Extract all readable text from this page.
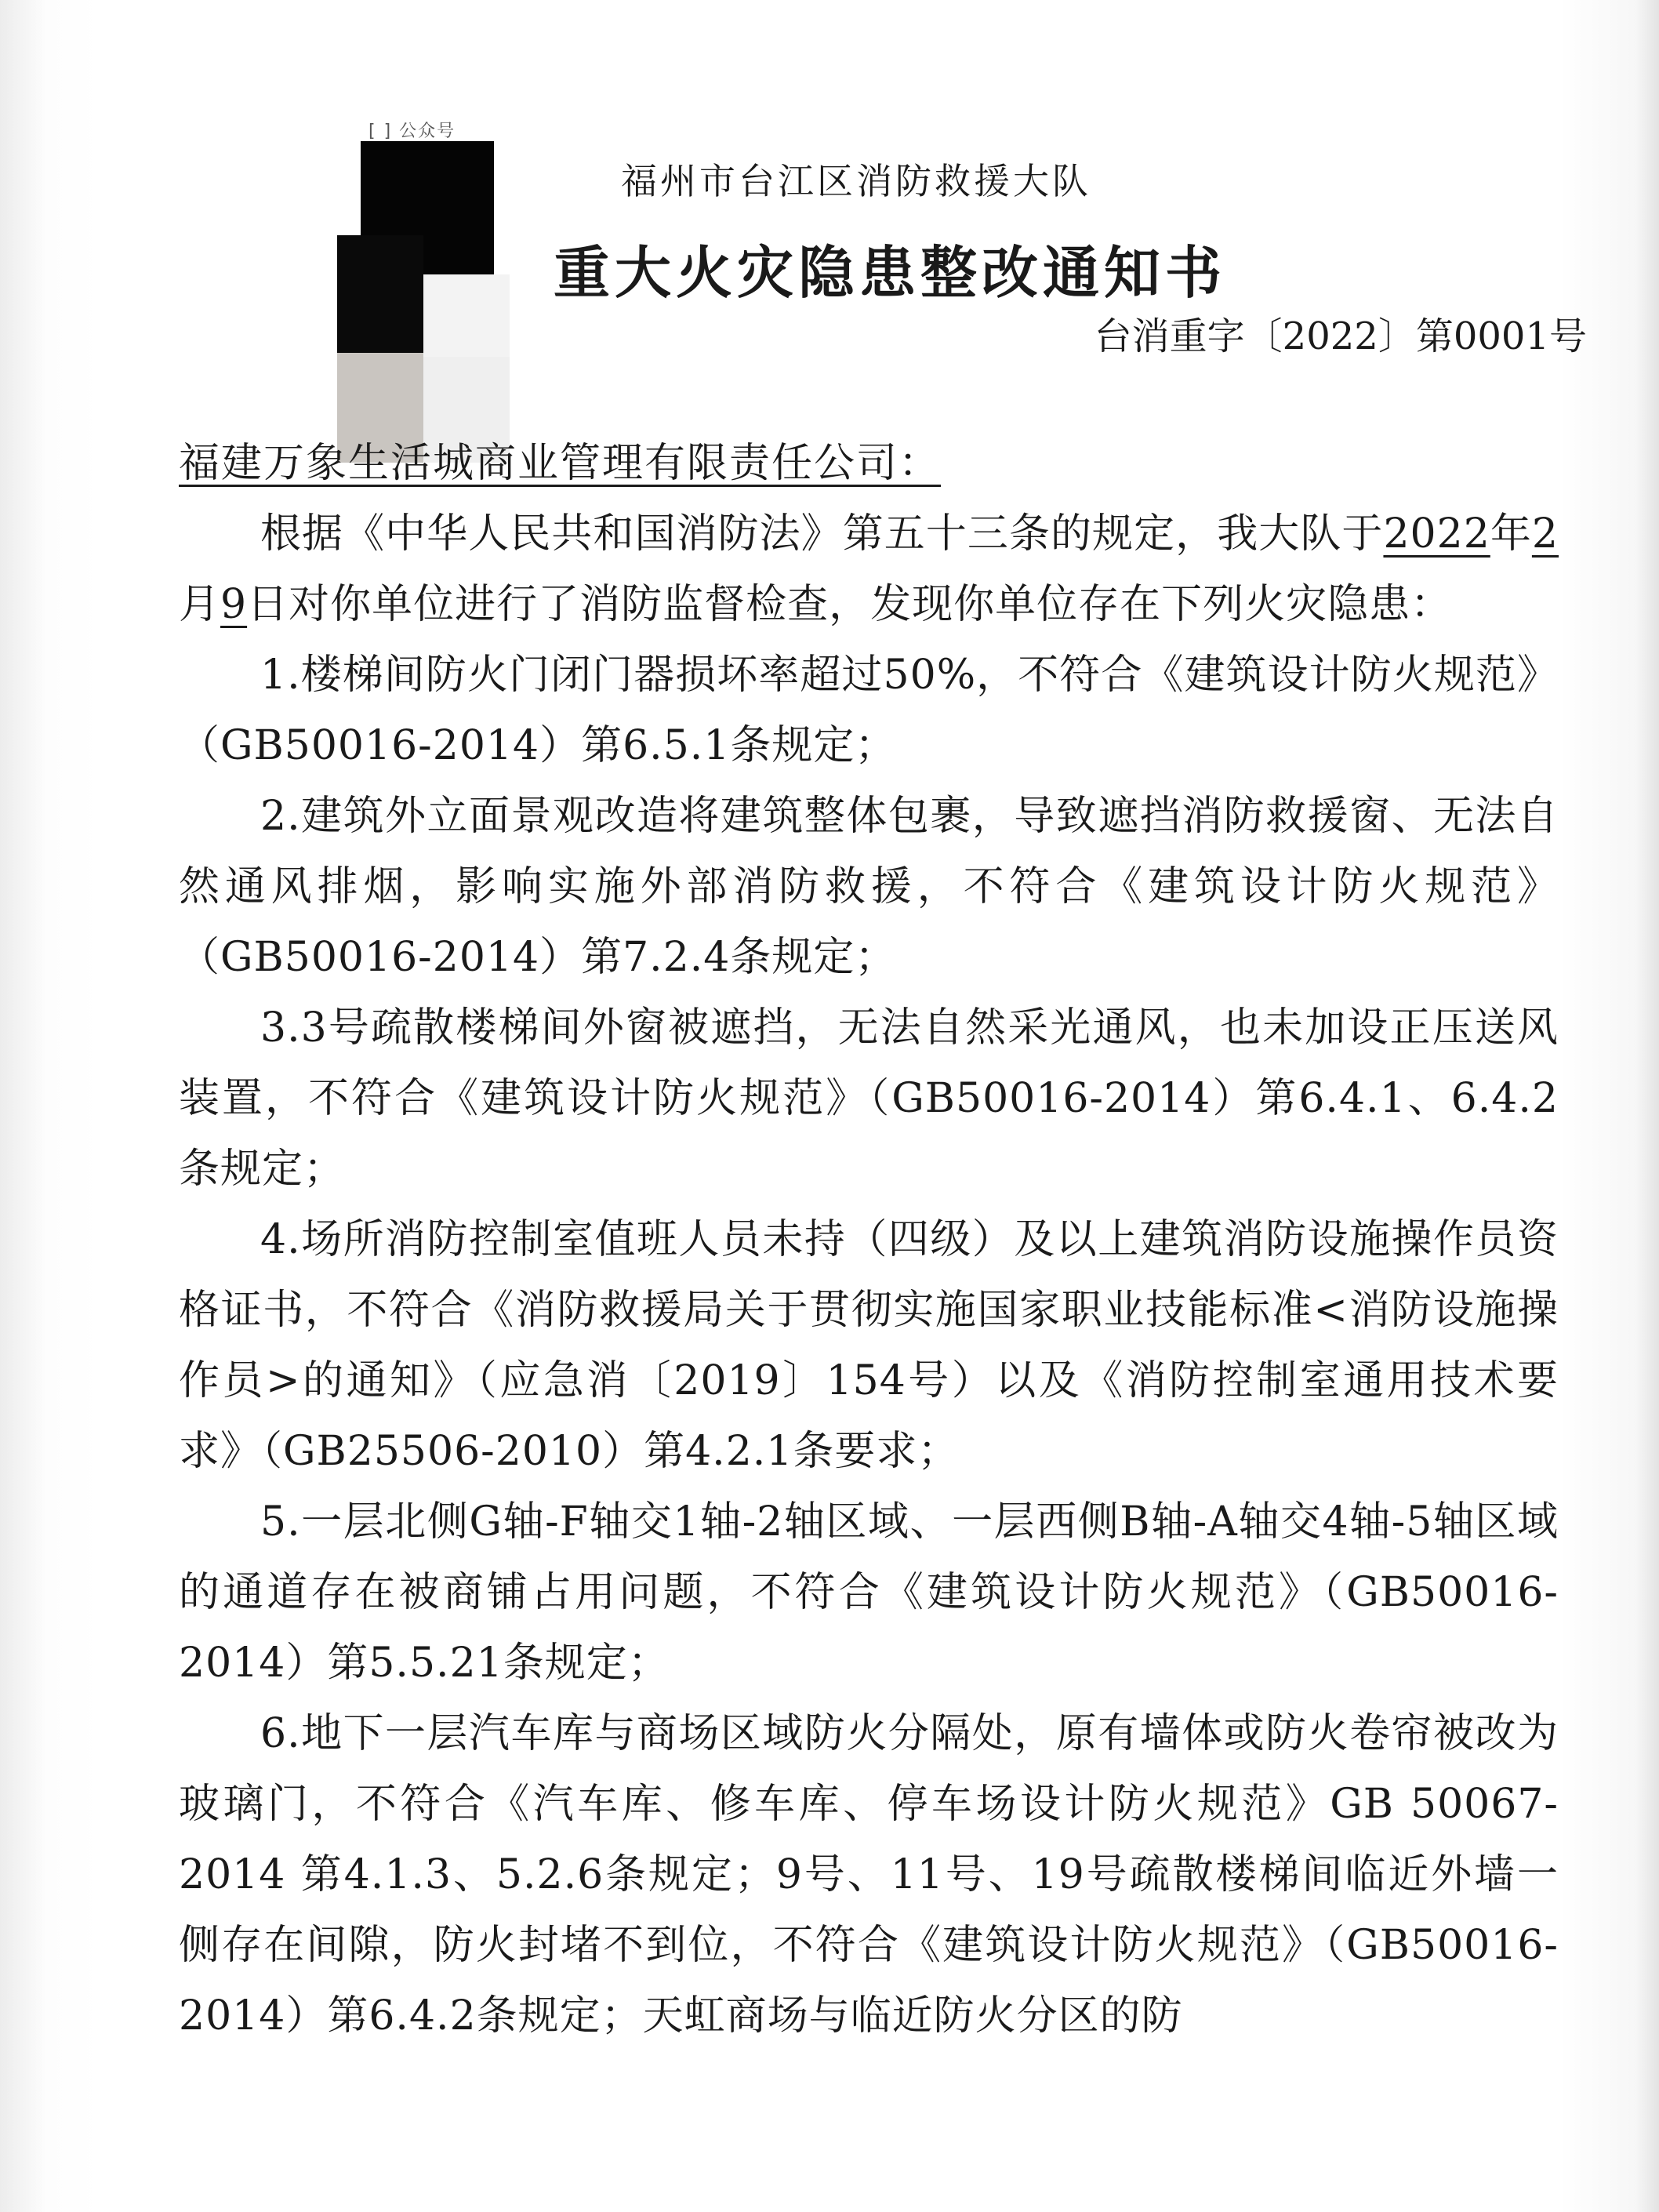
[ ] 公众号
福州市台江区消防救援大队
重大火灾隐患整改通知书
台消重字〔2022〕第0001号
福建万象生活城商业管理有限责任公司：

根据《中华人民共和国消防法》第五十三条的规定，我大队于2022年2月9日对你单位进行了消防监督检查，发现你单位存在下列火灾隐患：

1.楼梯间防火门闭门器损坏率超过50%，不符合《建筑设计防火规范》（GB50016-2014）第6.5.1条规定；

2.建筑外立面景观改造将建筑整体包裹，导致遮挡消防救援窗、无法自然通风排烟，影响实施外部消防救援，不符合《建筑设计防火规范》（GB50016-2014）第7.2.4条规定；

3.3号疏散楼梯间外窗被遮挡，无法自然采光通风，也未加设正压送风装置，不符合《建筑设计防火规范》（GB50016-2014）第6.4.1、6.4.2条规定；

4.场所消防控制室值班人员未持（四级）及以上建筑消防设施操作员资格证书，不符合《消防救援局关于贯彻实施国家职业技能标准<消防设施操作员>的通知》（应急消〔2019〕154号）以及《消防控制室通用技术要求》（GB25506-2010）第4.2.1条要求；

5.一层北侧G轴-F轴交1轴-2轴区域、一层西侧B轴-A轴交4轴-5轴区域的通道存在被商铺占用问题，不符合《建筑设计防火规范》（GB50016-2014）第5.5.21条规定；

6.地下一层汽车库与商场区域防火分隔处，原有墙体或防火卷帘被改为玻璃门，不符合《汽车库、修车库、停车场设计防火规范》GB 50067-2014 第4.1.3、5.2.6条规定；9号、11号、19号疏散楼梯间临近外墙一侧存在间隙，防火封堵不到位，不符合《建筑设计防火规范》（GB50016-2014）第6.4.2条规定；天虹商场与临近防火分区的防
